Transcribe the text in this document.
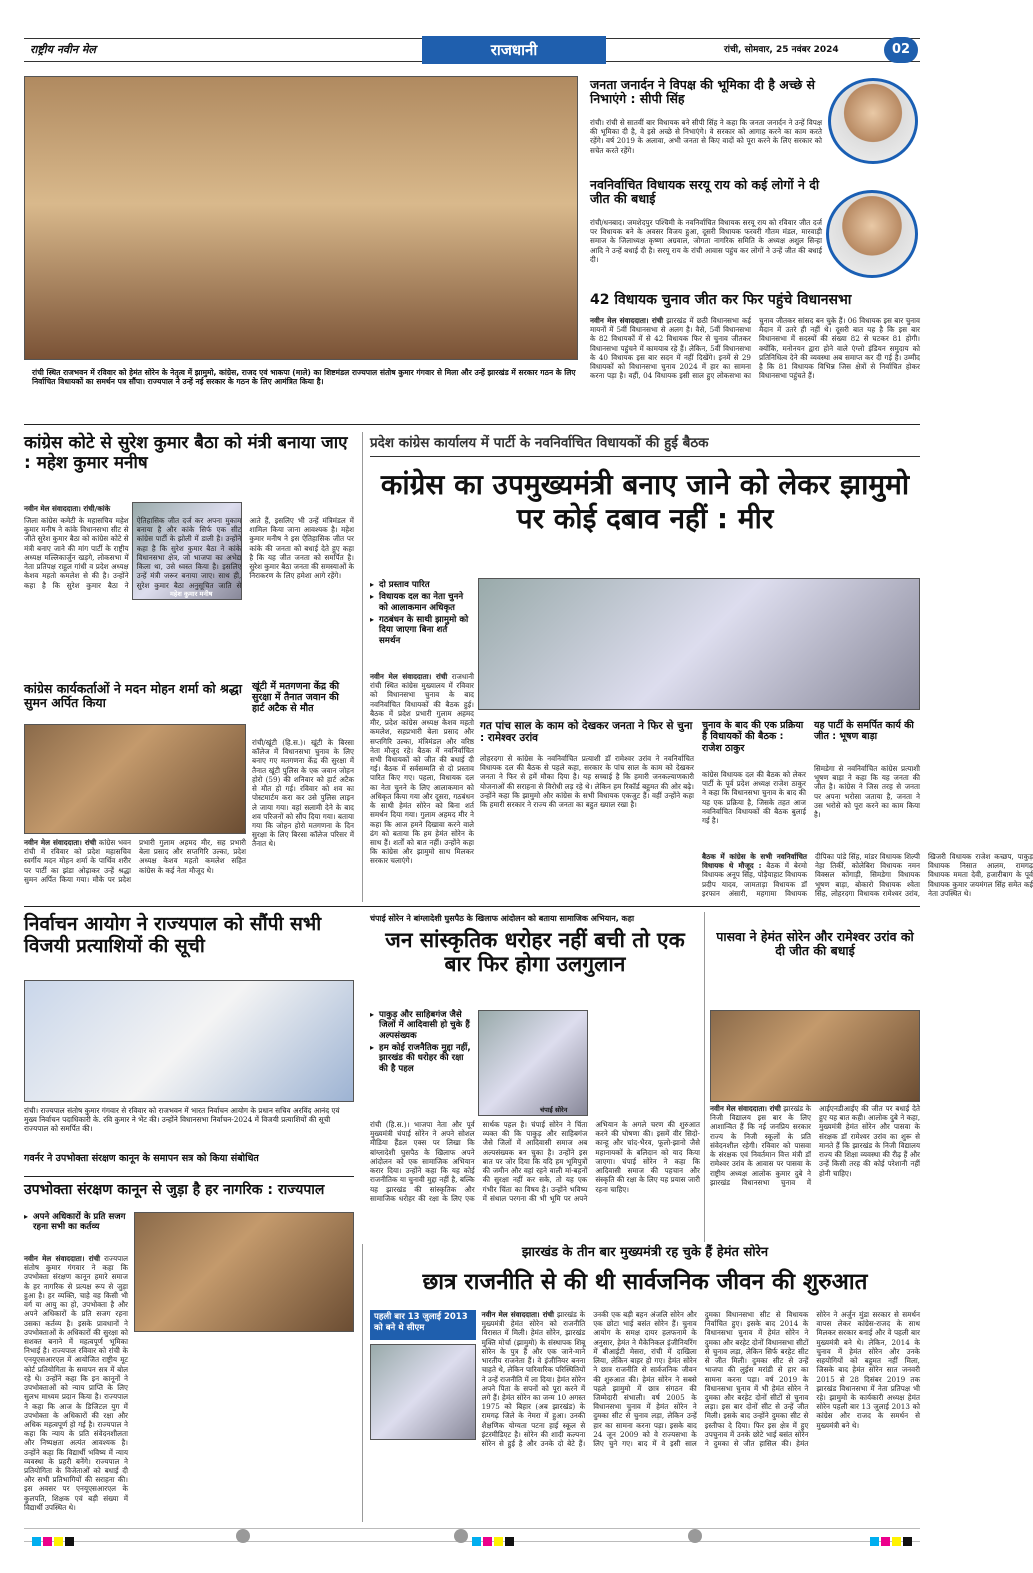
राष्ट्रीय नवीन मेल	राजधानी	रांची, सोमवार, 25 नवंबर 2024	02
रांची स्थित राजभवन में रविवार को हेमंत सोरेन के नेतृत्व में झामुमो, कांग्रेस, राजद एवं भाकपा (माले) का शिष्टमंडल राज्यपाल संतोष कुमार गंगवार से मिला और उन्हें झारखंड में सरकार गठन के लिए निर्वाचित विधायकों का समर्थन पत्र सौंपा। राज्यपाल ने उन्हें नई सरकार के गठन के लिए आमंत्रित किया है।
जनता जनार्दन ने विपक्ष की भूमिका दी है अच्छे से निभाएंगे : सीपी सिंह
रांची। रांची से सातवीं बार विधायक बने सीपी सिंह ने कहा कि जनता जनार्दन ने उन्हें विपक्ष की भूमिका दी है, वे इसे अच्छे से निभाएंगे। वे सरकार को आगाह करने का काम करते रहेंगे। वर्ष 2019 के अलावा, अभी जनता से किए वादों को पूरा करने के लिए सरकार को सचेत करते रहेंगे।
नवनिर्वाचित विधायक सरयू राय को कई लोगों ने दी जीत की बधाई
रांची/धनबाद। जमशेदपुर पश्चिमी के नवनिर्वाचित विधायक सरयू राय को रविवार जीत दर्ज पर विधायक बने के अवसर विजय हुआ, दूसरी विधायक फरवरी गौतम मंडल, मारवाड़ी समाज के जिलाध्यक्ष कृष्णा अग्रवाल, जोगता नागरिक समिति के अध्यक्ष अशुल सिन्हा आदि ने उन्हें बधाई दी है। सरयू राय के रांची आवास पहुंच कर लोगों ने उन्हें जीत की बधाई दी।
42 विधायक चुनाव जीत कर फिर पहुंचे विधानसभा
नवीन मेल संवाददाता। रांची झारखंड में छठी विधानसभा कई मायनों में 5वीं विधानसभा से अलग है। वैसे, 5वीं विधानसभा के 82 विधायकों में से 42 विधायक फिर से चुनाव जीतकर विधानसभा पहुंचने में कामयाब रहे हैं। लेकिन, 5वीं विधानसभा के 40 विधायक इस बार सदन में नहीं दिखेंगे। इनमें से 29 विधायकों को विधानसभा चुनाव 2024 में हार का सामना करना पड़ा है। वहीं, 04 विधायक इसी साल हुए लोकसभा का चुनाव जीतकर सांसद बन चुके हैं। 06 विधायक इस बार चुनाव मैदान में उतरे ही नहीं थे। दूसरी बात यह है कि इस बार विधानसभा में सदस्यों की संख्या 82 से घटकर 81 होगी। क्योंकि, मनोनयन द्वारा होने वाले एंग्लो इंडियन समुदाय को प्रतिनिधित्व देने की व्यवस्था अब समाप्त कर दी गई है। उम्मीद है कि 81 विधायक विभिन्न जिस क्षेत्रों से निर्वाचित होकर विधानसभा पहुंचते हैं।
कांग्रेस कोटे से सुरेश कुमार बैठा को मंत्री बनाया जाए : महेश कुमार मनीष
नवीन मेल संवाददाता। रांची/कांके
महेश कुमार मनीष
जिला कांग्रेस कमेटी के महासचिव महेश कुमार मनीष ने कांके विधानसभा सीट से जीते सुरेश कुमार बैठा को कांग्रेस कोटे से मंत्री बनाए जाने की मांग पार्टी के राष्ट्रीय अध्यक्ष मल्लिकार्जुन खड़गे, लोकसभा में नेता प्रतिपक्ष राहुल गांधी व प्रदेश अध्यक्ष केशव महतो कमलेश से की है। उन्होंने कहा है कि सुरेश कुमार बैठा ने ऐतिहासिक जीत दर्ज कर अपना मुकाम बनाया है और कांके सिर्फ एक सीट कांग्रेस पार्टी के झोली में डाली है। उन्होंने कहा है कि सुरेश कुमार बैठा ने कांके विधानसभा क्षेत्र, जो भाजपा का अभेद्य किला था, उसे ध्वस्त किया है। इसलिए उन्हें मंत्री जरूर बनाया जाए। साथ ही, सुरेश कुमार बैठा अनुसूचित जाति से आते हैं, इसलिए भी उन्हें मंत्रिमंडल में शामिल किया जाना आवश्यक है। महेश कुमार मनीष ने इस ऐतिहासिक जीत पर कांके की जनता को बधाई देते हुए कहा है कि यह जीत जनता को समर्पित है। सुरेश कुमार बैठा जनता की समस्याओं के निराकरण के लिए हमेशा आगे रहेंगे।
कांग्रेस कार्यकर्ताओं ने मदन मोहन शर्मा को श्रद्धा सुमन अर्पित किया
नवीन मेल संवाददाता। रांची कांग्रेस भवन रांची में रविवार को प्रदेश महासचिव स्वर्गीय मदन मोहन शर्मा के पार्थिव शरीर पर पार्टी का झंडा ओढ़ाकर उन्हें श्रद्धा सुमन अर्पित किया गया। मौके पर प्रदेश प्रभारी गुलाम अहमद मीर, सह प्रभारी बेला प्रसाद और सप्तगिरि उल्का, प्रदेश अध्यक्ष केशव महतो कमलेश सहित कांग्रेस के कई नेता मौजूद थे।
खूंटी में मतगणना केंद्र की सुरक्षा में तैनात जवान की हार्ट अटैक से मौत
रांची/खूंटी (हि.स.)। खूंटी के बिरसा कॉलेज में विधानसभा चुनाव के लिए बनाए गए मतगणना केंद्र की सुरक्षा में तैनात खूंटी पुलिस के एक जवान जोहन होरो (59) की शनिवार को हार्ट अटैक से मौत हो गई। रविवार को शव का पोस्टमार्टम करा कर उसे पुलिस लाइन ले जाया गया। वहां सलामी देने के बाद शव परिजनों को सौंप दिया गया। बताया गया कि जोहन होरो मतगणना के दिन सुरक्षा के लिए बिरसा कॉलेज परिसर में तैनात थे।
प्रदेश कांग्रेस कार्यालय में पार्टी के नवनिर्वाचित विधायकों की हुई बैठक
कांग्रेस का उपमुख्यमंत्री बनाए जाने को लेकर झामुमो पर कोई दबाव नहीं : मीर
▸ दो प्रस्ताव पारित
▸ विधायक दल का नेता चुनने को आलाकमान अधिकृत
▸ गठबंधन के साथी झामुमो को दिया जाएगा बिना शर्त समर्थन
नवीन मेल संवाददाता। रांची राजधानी रांची स्थित कांग्रेस मुख्यालय में रविवार को विधानसभा चुनाव के बाद नवनिर्वाचित विधायकों की बैठक हुई। बैठक में प्रदेश प्रभारी गुलाम अहमद मीर, प्रदेश कांग्रेस अध्यक्ष केशव महतो कमलेश, सहप्रभारी बेला प्रसाद और सप्तगिरि उल्का, मंत्रिमंडल और वरिष्ठ नेता मौजूद रहे। बैठक में नवनिर्वाचित सभी विधायकों को जीत की बधाई दी गई। बैठक में सर्वसम्मति से दो प्रस्ताव पारित किए गए। पहला, विधायक दल का नेता चुनने के लिए आलाकमान को अधिकृत किया गया और दूसरा, गठबंधन के साथी हेमंत सोरेन को बिना शर्त समर्थन दिया गया। गुलाम अहमद मीर ने कहा कि आज हमने दिखावा करने वाले ढंग को बताया कि हम हेमंत सोरेन के साथ हैं। शर्तों को बात नहीं। उन्होंने कहा कि कांग्रेस और झामुमो साथ मिलकर सरकार चलाएंगे।
गत पांच साल के काम को देखकर जनता ने फिर से चुना : रामेश्वर उरांव
लोहरदगा से कांग्रेस के नवनिर्वाचित प्रत्याशी डॉ रामेश्वर उरांव ने नवनिर्वाचित विधायक दल की बैठक से पहले कहा, सरकार के पांच साल के काम को देखकर जनता ने फिर से हमें मौका दिया है। यह सच्चाई है कि हमारी जनकल्याणकारी योजनाओं की सराहना से विरोधी लड़ रहे थे। लेकिन हम रिकॉर्ड बहुमत की ओर बढ़े। उन्होंने कहा कि झामुमो और कांग्रेस के सभी विधायक एकजुट हैं। वहीं उन्होंने कहा कि हमारी सरकार ने राज्य की जनता का बहुत ख्याल रखा है।
चुनाव के बाद की एक प्रक्रिया है विधायकों की बैठक : राजेश ठाकुर
कांग्रेस विधायक दल की बैठक को लेकर पार्टी के पूर्व प्रदेश अध्यक्ष राजेश ठाकुर ने कहा कि विधानसभा चुनाव के बाद की यह एक प्रक्रिया है, जिसके तहत आज नवनिर्वाचित विधायकों की बैठक बुलाई गई है।
यह पार्टी के समर्पित कार्य की जीत : भूषण बाड़ा
सिमडेगा से नवनिर्वाचित कांग्रेस प्रत्याशी भूषण बाड़ा ने कहा कि यह जनता की जीत है। कांग्रेस ने जिस तरह से जनता पर अपना भरोसा जताया है, जनता ने उस भरोसे को पूरा करने का काम किया है।
बैठक में कांग्रेस के सभी नवनिर्वाचित विधायक थे मौजूद : बैठक में बेरमो विधायक अनूप सिंह, पोड़ैयाहाट विधायक प्रदीप यादव, जामताड़ा विधायक डॉ इरफान अंसारी, महगामा विधायक दीपिका पांडे सिंह, मांडर विधायक शिल्पी नेहा तिर्की, कोलेबिरा विधायक नमन विक्सल कोंगाड़ी, सिमडेगा विधायक भूषण बाड़ा, बोकारो विधायक श्वेता सिंह, लोहरदगा विधायक रामेश्वर उरांव, खिजरी विधायक राजेश कच्छप, पाकुड़ विधायक निसात आलम, रामगढ़ विधायक ममता देवी, हजारीबाग के पूर्व विधायक कुमार जयमंगल सिंह समेत कई नेता उपस्थित थे।
निर्वाचन आयोग ने राज्यपाल को सौंपी सभी विजयी प्रत्याशियों की सूची
रांची। राज्यपाल संतोष कुमार गंगवार से रविवार को राजभवन में भारत निर्वाचन आयोग के प्रधान सचिव अरविंद आनंद एवं मुख्य निर्वाचन पदाधिकारी के. रवि कुमार ने भेंट की। उन्होंने विधानसभा निर्वाचन-2024 में विजयी प्रत्याशियों की सूची राज्यपाल को समर्पित की।
चंपाई सोरेन ने बांग्लादेशी घुसपैठ के खिलाफ आंदोलन को बताया सामाजिक अभियान, कहा
जन सांस्कृतिक धरोहर नहीं बची तो एक बार फिर होगा उलगुलान
▸ पाकुड़ और साहिबगंज जैसे जिलों में आदिवासी हो चुके हैं अल्पसंख्यक
▸ हम कोई राजनैतिक मुद्दा नहीं, झारखंड की धरोहर की रक्षा की है पहल
चंपाई सोरेन
रांची (हि.स.)। भाजपा नेता और पूर्व मुख्यमंत्री चंपाई सोरेन ने अपने सोशल मीडिया हैंडल एक्स पर लिखा कि बांग्लादेशी घुसपैठ के खिलाफ अपने आंदोलन को एक सामाजिक अभियान करार दिया। उन्होंने कहा कि यह कोई राजनीतिक या चुनावी मुद्दा नहीं है, बल्कि यह झारखंड की सांस्कृतिक और सामाजिक धरोहर की रक्षा के लिए एक सार्थक पहल है। चंपाई सोरेन ने चिंता व्यक्त की कि पाकुड़ और साहिबगंज जैसे जिलों में आदिवासी समाज अब अल्पसंख्यक बन चुका है। उन्होंने इस बात पर जोर दिया कि यदि हम भूमिपुत्रों की जमीन और वहां रहने वाली मां-बहनों की सुरक्षा नहीं कर सके, तो यह एक गंभीर चिंता का विषय है। उन्होंने भविष्य में संथाल परगना की भी भूमि पर अपने अभियान के अगले चरण की शुरुआत करने की घोषणा की। इसमें वीर सिदो-कान्हू और चांद-भैरव, फूलो-झानो जैसे महानायकों के बलिदान को याद किया जाएगा। चंपाई सोरेन ने कहा कि आदिवासी समाज की पहचान और संस्कृति की रक्षा के लिए यह प्रयास जारी रहना चाहिए।
पासवा ने हेमंत सोरेन और रामेश्वर उरांव को दी जीत की बधाई
नवीन मेल संवाददाता। रांची झारखंड के निजी विद्यालय इस बार के लिए आशान्वित हैं कि नई जनप्रिय सरकार राज्य के निजी स्कूलों के प्रति संवेदनशील रहेगी। रविवार को पासवा के संरक्षक एवं निवर्तमान वित्त मंत्री डॉ रामेश्वर उरांव के आवास पर पासवा के राष्ट्रीय अध्यक्ष आलोक कुमार दुबे ने झारखंड विधानसभा चुनाव में आईएनडीआईए की जीत पर बधाई देते हुए यह बात कही। आलोक दुबे ने कहा, मुख्यमंत्री हेमंत सोरेन और पासवा के संरक्षक डॉ रामेश्वर उरांव का शुरू से मानते हैं कि झारखंड के निजी विद्यालय राज्य की शिक्षा व्यवस्था की रीढ़ हैं और उन्हें किसी तरह की कोई परेशानी नहीं होनी चाहिए।
गवर्नर ने उपभोक्ता संरक्षण कानून के समापन सत्र को किया संबोधित
उपभोक्ता संरक्षण कानून से जुड़ा है हर नागरिक : राज्यपाल
▸ अपने अधिकारों के प्रति सजग रहना सभी का कर्तव्य
नवीन मेल संवाददाता। रांची राज्यपाल संतोष कुमार गंगवार ने कहा कि उपभोक्ता संरक्षण कानून हमारे समाज के हर नागरिक से प्रत्यक्ष रूप से जुड़ा हुआ है। हर व्यक्ति, चाहे वह किसी भी वर्ग या आयु का हो, उपभोक्ता है और अपने अधिकारों के प्रति सजग रहना उसका कर्तव्य है। इसके प्रावधानों ने उपभोक्ताओं के अधिकारों की सुरक्षा को सशक्त बनाने में महत्वपूर्ण भूमिका निभाई है। राज्यपाल रविवार को रांची के एनयूएसआरएल में आयोजित राष्ट्रीय मूट कोर्ट प्रतियोगिता के समापन सत्र में बोल रहे थे। उन्होंने कहा कि इन कानूनों ने उपभोक्ताओं को न्याय प्राप्ति के लिए सुलभ माध्यम प्रदान किया है। राज्यपाल ने कहा कि आज के डिजिटल युग में उपभोक्ता के अधिकारों की रक्षा और अधिक महत्वपूर्ण हो गई है। राज्यपाल ने कहा कि न्याय के प्रति संवेदनशीलता और निष्पक्षता अत्यंत आवश्यक है। उन्होंने कहा कि विद्यार्थी भविष्य में न्याय व्यवस्था के प्रहरी बनेंगे। राज्यपाल ने प्रतियोगिता के विजेताओं को बधाई दी और सभी प्रतिभागियों की सराहना की। इस अवसर पर एनयूएसआरएल के कुलपति, शिक्षक एवं बड़ी संख्या में विद्यार्थी उपस्थित थे।
झारखंड के तीन बार मुख्यमंत्री रह चुके हैं हेमंत सोरेन
छात्र राजनीति से की थी सार्वजनिक जीवन की शुरुआत
पहली बार 13 जुलाई 2013 को बने थे सीएम
नवीन मेल संवाददाता। रांची झारखंड के मुख्यमंत्री हेमंत सोरेन को राजनीति विरासत में मिली। हेमंत सोरेन, झारखंड मुक्ति मोर्चा (झामुमो) के संस्थापक शिबू सोरेन के पुत्र हैं और एक जाने-माने भारतीय राजनेता हैं। वे इंजीनियर बनना चाहते थे, लेकिन पारिवारिक परिस्थितियों ने उन्हें राजनीति में ला दिया। हेमंत सोरेन अपने पिता के सपनों को पूरा करने में लगे हैं। हेमंत सोरेन का जन्म 10 अगस्त 1975 को बिहार (अब झारखंड) के रामगढ़ जिले के नेमरा में हुआ। उनकी शैक्षणिक योग्यता पटना हाई स्कूल से इंटरमीडिएट है। सोरेन की शादी कल्पना सोरेन से हुई है और उनके दो बेटे हैं। उनकी एक बड़ी बहन अंजलि सोरेन और एक छोटा भाई बसंत सोरेन हैं। चुनाव आयोग के समक्ष दायर हलफनामे के अनुसार, हेमंत ने मैकेनिकल इंजीनियरिंग में बीआईटी मेसरा, रांची में दाखिला लिया, लेकिन बाहर हो गए। हेमंत सोरेन ने छात्र राजनीति से सार्वजनिक जीवन की शुरुआत की। हेमंत सोरेन ने सबसे पहले झामुमो में छात्र संगठन की जिम्मेदारी संभाली। वर्ष 2005 के विधानसभा चुनाव में हेमंत सोरेन ने दुमका सीट से चुनाव लड़ा, लेकिन उन्हें हार का सामना करना पड़ा। इसके बाद 24 जून 2009 को वे राज्यसभा के लिए चुने गए। बाद में वे इसी साल दुमका विधानसभा सीट से विधायक निर्वाचित हुए। इसके बाद 2014 के विधानसभा चुनाव में हेमंत सोरेन ने दुमका और बरहेट दोनों विधानसभा सीटों से चुनाव लड़ा, लेकिन सिर्फ बरहेट सीट से जीत मिली। दुमका सीट से उन्हें भाजपा की लुईस मरांडी से हार का सामना करना पड़ा। वर्ष 2019 के विधानसभा चुनाव में भी हेमंत सोरेन ने दुमका और बरहेट दोनों सीटों से चुनाव लड़ा। इस बार दोनों सीट से उन्हें जीत मिली। इसके बाद उन्होंने दुमका सीट से इस्तीफा दे दिया। फिर इस क्षेत्र में हुए उपचुनाव में उनके छोटे भाई बसंत सोरेन ने दुमका से जीत हासिल की। हेमंत सोरेन ने अर्जुन मुंडा सरकार से समर्थन वापस लेकर कांग्रेस-राजद के साथ मिलकर सरकार बनाई और वे पहली बार मुख्यमंत्री बने थे। लेकिन, 2014 के चुनाव में हेमंत सोरेन और उनके सहयोगियों को बहुमत नहीं मिला, जिसके बाद हेमंत सोरेन सात जनवरी 2015 से 28 दिसंबर 2019 तक झारखंड विधानसभा में नेता प्रतिपक्ष भी रहे। झामुमो के कार्यकारी अध्यक्ष हेमंत सोरेन पहली बार 13 जुलाई 2013 को कांग्रेस और राजद के समर्थन से मुख्यमंत्री बने थे।
